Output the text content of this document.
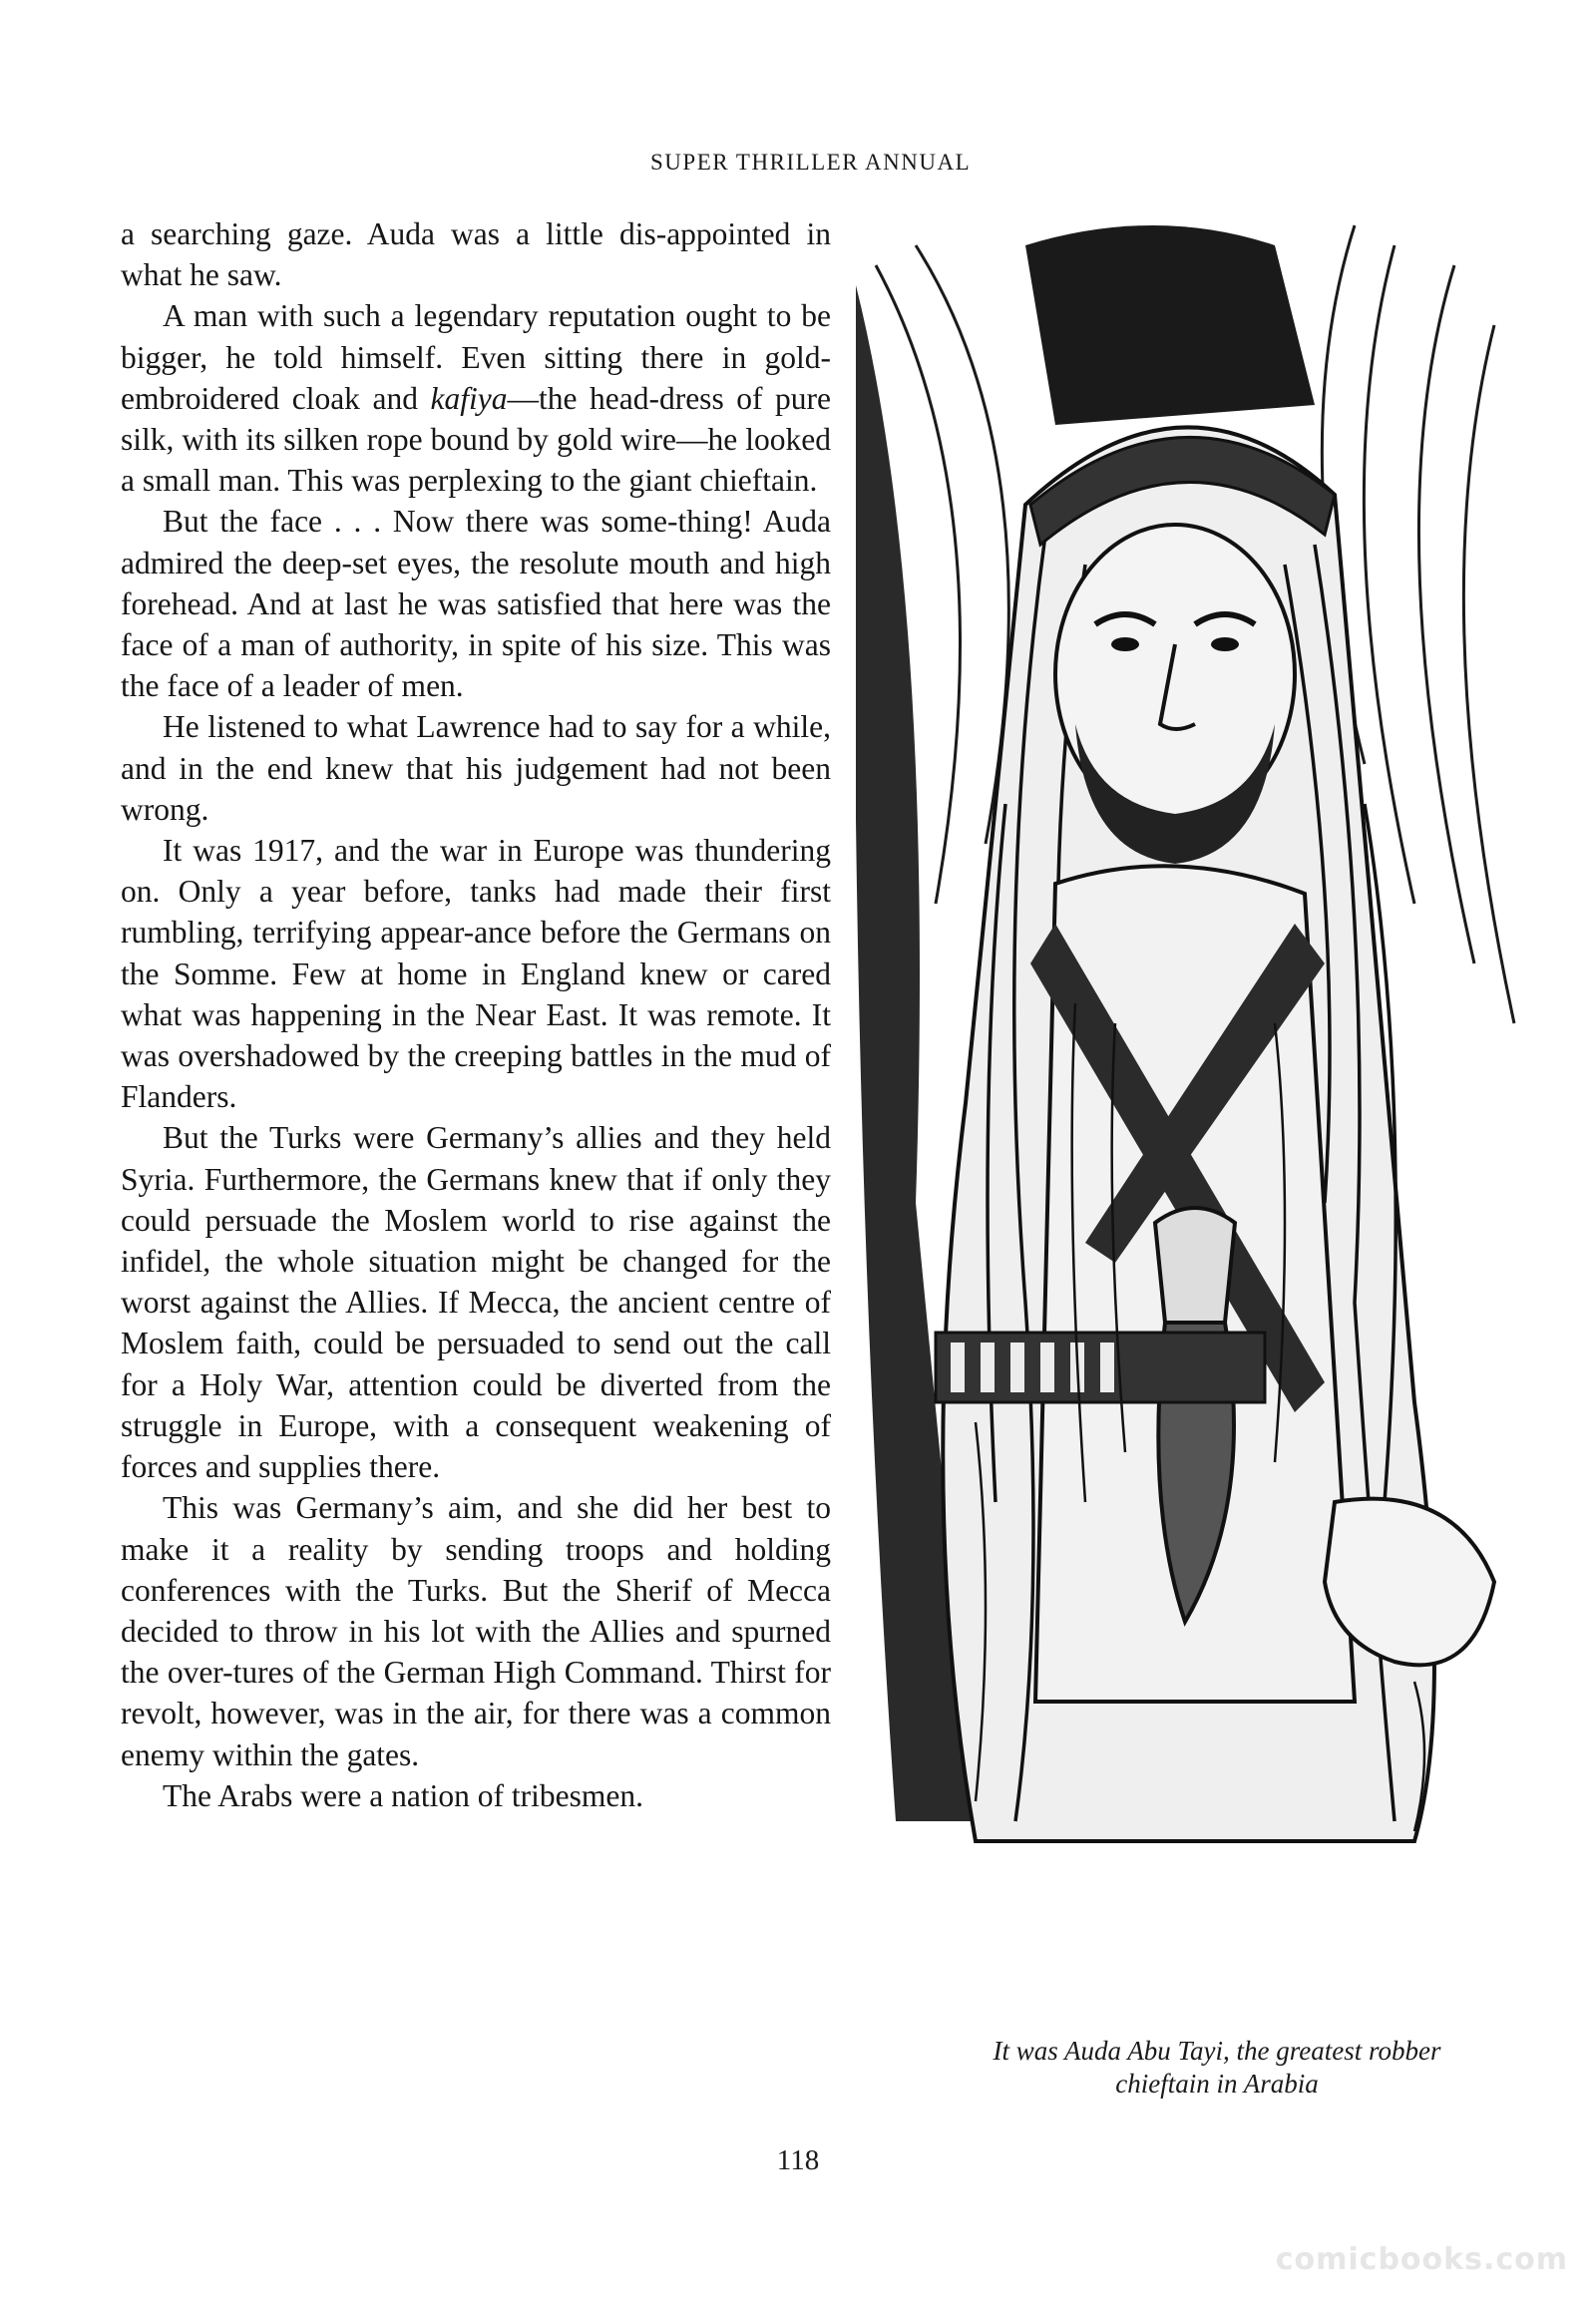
SUPER THRILLER ANNUAL

a searching gaze. Auda was a little dis-appointed in what he saw.

A man with such a legendary reputation ought to be bigger, he told himself. Even sitting there in gold-embroidered cloak and kafiya—the head-dress of pure silk, with its silken rope bound by gold wire—he looked a small man. This was perplexing to the giant chieftain.

But the face . . . Now there was some-thing! Auda admired the deep-set eyes, the resolute mouth and high forehead. And at last he was satisfied that here was the face of a man of authority, in spite of his size. This was the face of a leader of men.

He listened to what Lawrence had to say for a while, and in the end knew that his judgement had not been wrong.

It was 1917, and the war in Europe was thundering on. Only a year before, tanks had made their first rumbling, terrifying appear-ance before the Germans on the Somme. Few at home in England knew or cared what was happening in the Near East. It was remote. It was overshadowed by the creeping battles in the mud of Flanders.

But the Turks were Germany’s allies and they held Syria. Furthermore, the Germans knew that if only they could persuade the Moslem world to rise against the infidel, the whole situation might be changed for the worst against the Allies. If Mecca, the ancient centre of Moslem faith, could be persuaded to send out the call for a Holy War, attention could be diverted from the struggle in Europe, with a consequent weakening of forces and supplies there.

This was Germany’s aim, and she did her best to make it a reality by sending troops and holding conferences with the Turks. But the Sherif of Mecca decided to throw in his lot with the Allies and spurned the over-tures of the German High Command. Thirst for revolt, however, was in the air, for there was a common enemy within the gates.

The Arabs were a nation of tribesmen.

It was Auda Abu Tayi, the greatest robber
chieftain in Arabia
118
comicbooks.com
